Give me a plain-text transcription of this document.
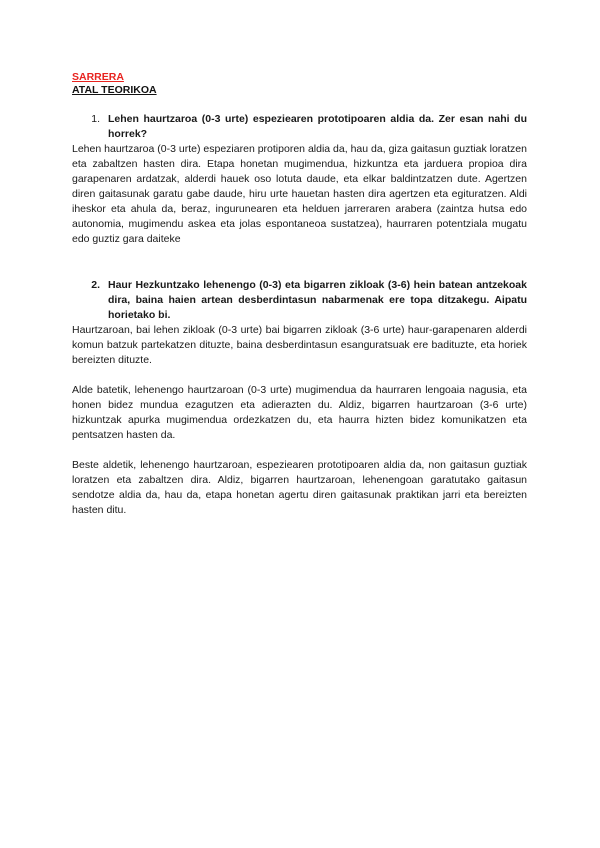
SARRERA

ATAL TEORIKOA

1. Lehen haurtzaroa (0-3 urte) espeziearen prototipoaren aldia da. Zer esan nahi du horrek?

Lehen haurtzaroa (0-3 urte) espeziaren protiporen aldia da, hau da, giza gaitasun guztiak loratzen eta zabaltzen hasten dira. Etapa honetan mugimendua, hizkuntza eta jarduera propioa dira garapenaren ardatzak, alderdi hauek oso lotuta daude, eta elkar baldintzatzen dute. Agertzen diren gaitasunak garatu gabe daude, hiru urte hauetan hasten dira agertzen eta egituratzen. Aldi iheskor eta ahula da, beraz, ingurunearen eta helduen jarreraren arabera (zaintza hutsa edo autonomia, mugimendu askea eta jolas espontaneoa sustatzea), haurraren potentziala mugatu edo guztiz gara daiteke

2. Haur Hezkuntzako lehenengo (0-3) eta bigarren zikloak (3-6) hein batean antzekoak dira, baina haien artean desberdintasun nabarmenak ere topa ditzakegu. Aipatu horietako bi.

Haurtzaroan, bai lehen zikloak (0-3 urte) bai bigarren zikloak (3-6 urte) haur-garapenaren alderdi komun batzuk partekatzen dituzte, baina desberdintasun esanguratsuak ere badituzte, eta horiek bereizten dituzte.

Alde batetik, lehenengo haurtzaroan (0-3 urte) mugimendua da haurraren lengoaia nagusia, eta honen bidez mundua ezagutzen eta adierazten du. Aldiz, bigarren haurtzaroan (3-6 urte) hizkuntzak apurka mugimendua ordezkatzen du, eta haurra hizten bidez komunikatzen eta pentsatzen hasten da.

Beste aldetik, lehenengo haurtzaroan, espeziearen prototipoaren aldia da, non gaitasun guztiak loratzen eta zabaltzen dira. Aldiz, bigarren haurtzaroan, lehenengoan garatutako gaitasun sendotze aldia da, hau da, etapa honetan agertu diren gaitasunak praktikan jarri eta bereizten hasten ditu.
